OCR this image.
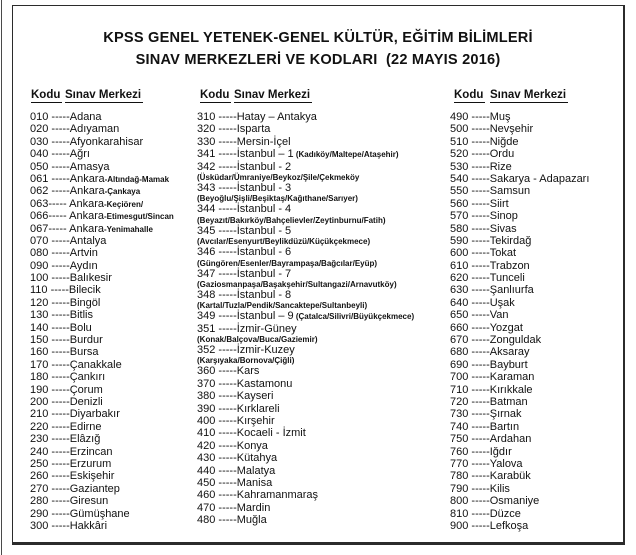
KPSS GENEL YETENEK-GENEL KÜLTÜR, EĞİTİM BİLİMLERİ
SINAV MERKEZLERİ VE KODLARI  (22 MAYIS 2016)
Kodu Sınav Merkezi	Kodu Sınav Merkezi	Kodu Sınav Merkezi
010 -----Adana
020 -----Adıyaman
030 -----Afyonkarahisar
040 -----Ağrı
050 -----Amasya
061 -----Ankara-Altındağ-Mamak
062 -----Ankara-Çankaya
063----- Ankara-Keçiören/
066----- Ankara-Etimesgut/Sincan
067----- Ankara-Yenimahalle
070 -----Antalya
080 -----Artvin
090 -----Aydın
100 -----Balıkesir
110 -----Bilecik
120 -----Bingöl
130 -----Bitlis
140 -----Bolu
150 -----Burdur
160 -----Bursa
170 -----Çanakkale
180 -----Çankırı
190 -----Çorum
200 -----Denizli
210 -----Diyarbakır
220 -----Edirne
230 -----Elâzığ
240 -----Erzincan
250 -----Erzurum
260 -----Eskişehir
270 -----Gaziantep
280 -----Giresun
290 -----Gümüşhane
300 -----Hakkâri
310 -----Hatay – Antakya
320 -----Isparta
330 -----Mersin-İçel
341 -----İstanbul – 1 (Kadıköy/Maltepe/Ataşehir)
342 -----İstanbul - 2
(Üsküdar/Ümraniye/Beykoz/Şile/Çekmeköy
343 -----İstanbul - 3
(Beyoğlu/Şişli/Beşiktaş/Kağıthane/Sarıyer)
344 -----İstanbul - 4
(Beyazıt/Bakırköy/Bahçelievler/Zeytinburnu/Fatih)
345 -----İstanbul - 5
(Avcılar/Esenyurt/Beylikdüzü/Küçükçekmece)
346 -----İstanbul - 6
(Güngören/Esenler/Bayrampaşa/Bağcılar/Eyüp)
347 -----İstanbul - 7
(Gaziosmanpaşa/Başakşehir/Sultangazi/Arnavutköy)
348 -----İstanbul - 8
(Kartal/Tuzla/Pendik/Sancaktepe/Sultanbeyli)
349 -----İstanbul – 9 (Çatalca/Silivri/Büyükçekmece)
351 -----İzmir-Güney
(Konak/Balçova/Buca/Gaziemir)
352 -----İzmir-Kuzey
(Karşıyaka/Bornova/Çiğli)
360 -----Kars
370 -----Kastamonu
380 -----Kayseri
390 -----Kırklareli
400 -----Kırşehir
410 -----Kocaeli - İzmit
420 -----Konya
430 -----Kütahya
440 -----Malatya
450 -----Manisa
460 -----Kahramanmaraş
470 -----Mardin
480 -----Muğla
490 -----Muş
500 -----Nevşehir
510 -----Niğde
520 -----Ordu
530 -----Rize
540 -----Sakarya - Adapazarı
550 -----Samsun
560 -----Siirt
570 -----Sinop
580 -----Sivas
590 -----Tekirdağ
600 -----Tokat
610 -----Trabzon
620 -----Tunceli
630 -----Şanlıurfa
640 -----Uşak
650 -----Van
660 -----Yozgat
670 -----Zonguldak
680 -----Aksaray
690 -----Bayburt
700 -----Karaman
710 -----Kırıkkale
720 -----Batman
730 -----Şırnak
740 -----Bartın
750 -----Ardahan
760 -----Iğdır
770 -----Yalova
780 -----Karabük
790 -----Kilis
800 -----Osmaniye
810 -----Düzce
900 -----Lefkoşa
